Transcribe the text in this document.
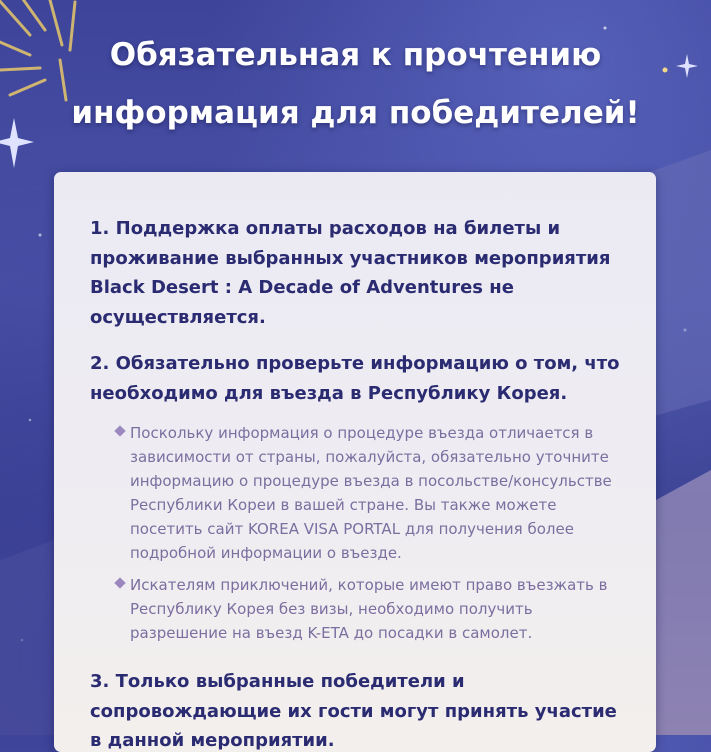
Обязательная к прочтению
информация для победителей!

1. Поддержка оплаты расходов на билеты и проживание выбранных участников мероприятия Black Desert : A Decade of Adventures не осуществляется.

2. Обязательно проверьте информацию о том, что необходимо для въезда в Республику Корея.

Поскольку информация о процедуре въезда отличается в зависимости от страны, пожалуйста, обязательно уточните информацию о процедуре въезда в посольстве/консульстве Республики Кореи в вашей стране. Вы также можете посетить сайт KOREA VISA PORTAL для получения более подробной информации о въезде.
Искателям приключений, которые имеют право въезжать в Республику Корея без визы, необходимо получить разрешение на въезд K-ETA до посадки в самолет.

3. Только выбранные победители и сопровождающие их гости могут принять участие в данной мероприятии.
